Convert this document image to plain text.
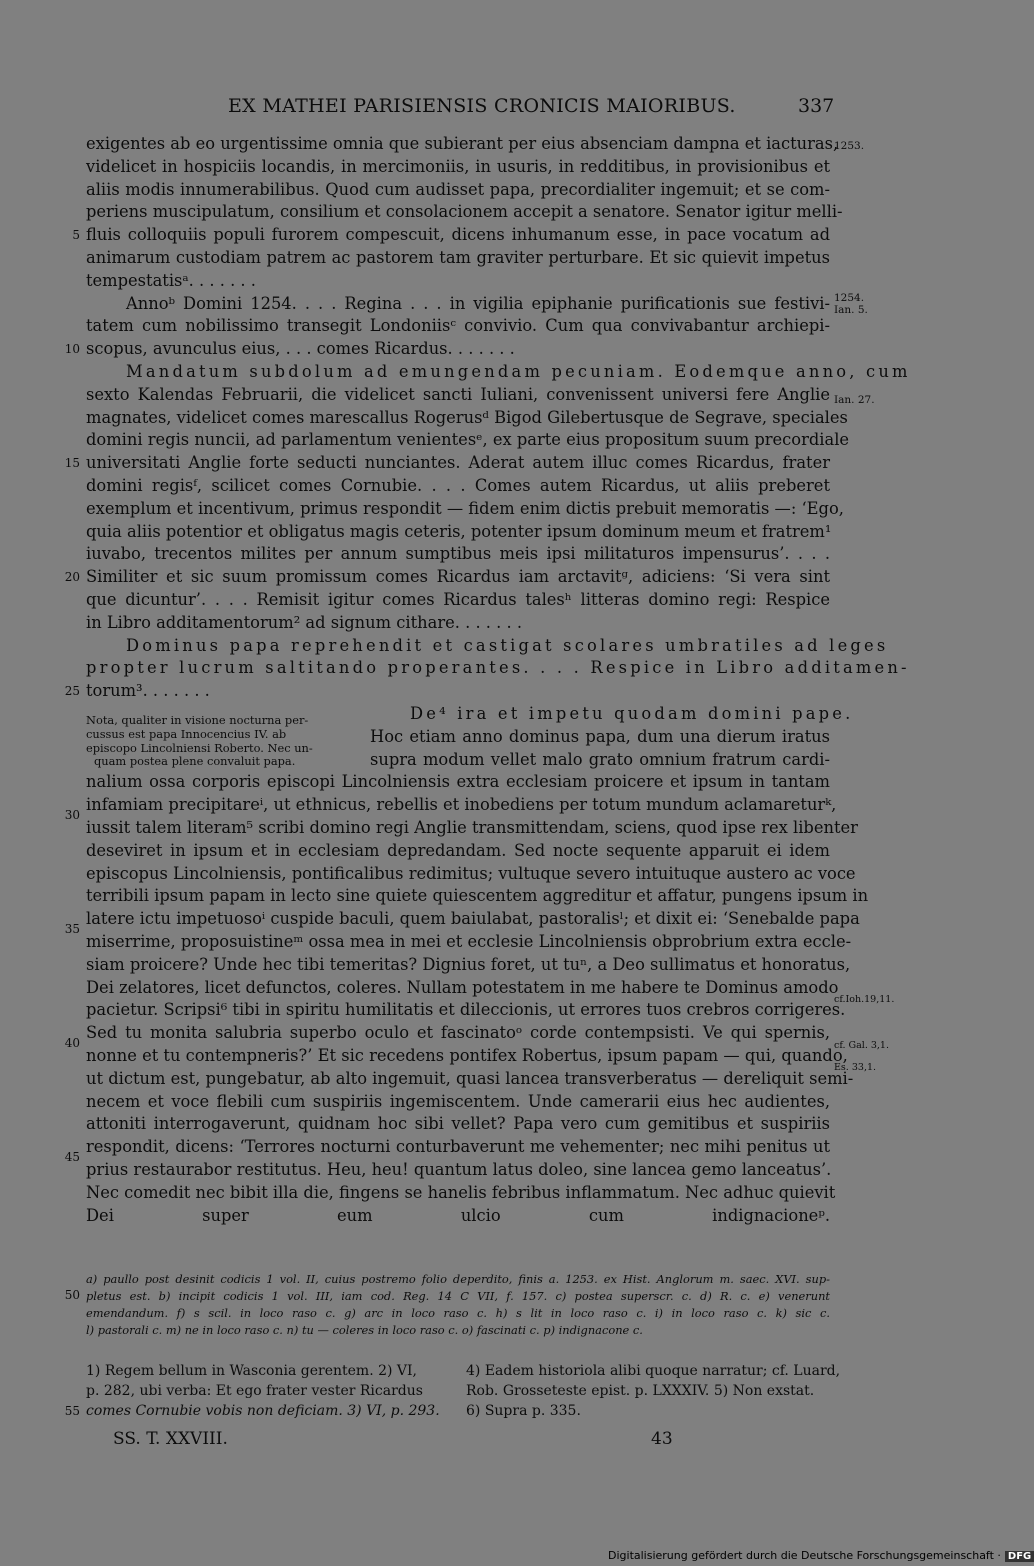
EX MATHEI PARISIENSIS CRONICIS MAIORIBUS.	337
exigentes ab eo urgentissime omnia que subierant per eius absenciam dampna et iacturas,
videlicet in hospiciis locandis, in mercimoniis, in usuris, in redditibus, in provisionibus et
aliis modis innumerabilibus. Quod cum audisset papa, precordialiter ingemuit; et se com-
periens muscipulatum, consilium et consolacionem accepit a senatore. Senator igitur melli-
fluis colloquiis populi furorem compescuit, dicens inhumanum esse, in pace vocatum ad
animarum custodiam patrem ac pastorem tam graviter perturbare. Et sic quievit impetus
tempestatisᵃ. . . . . . .
Annoᵇ Domini 1254. . . . Regina . . . in vigilia epiphanie purificationis sue festivi-
tatem cum nobilissimo transegit Londoniisᶜ convivio. Cum qua convivabantur archiepi-
scopus, avunculus eius, . . . comes Ricardus. . . . . . .
Mandatum subdolum ad emungendam pecuniam. Eodemque anno, cum
sexto Kalendas Februarii, die videlicet sancti Iuliani, convenissent universi fere Anglie
magnates, videlicet comes marescallus Rogerusᵈ Bigod Gilebertusque de Segrave, speciales
domini regis nuncii, ad parlamentum venientesᵉ, ex parte eius propositum suum precordiale
universitati Anglie forte seducti nunciantes. Aderat autem illuc comes Ricardus, frater
domini regisᶠ, scilicet comes Cornubie. . . . Comes autem Ricardus, ut aliis preberet
exemplum et incentivum, primus respondit — fidem enim dictis prebuit memoratis —: ‘Ego,
quia aliis potentior et obligatus magis ceteris, potenter ipsum dominum meum et fratrem¹
iuvabo, trecentos milites per annum sumptibus meis ipsi militaturos impensurus’. . . .
Similiter et sic suum promissum comes Ricardus iam arctavitᵍ, adiciens: ‘Si vera sint
que dicuntur’. . . . Remisit igitur comes Ricardus talesʰ litteras domino regi: Respice
in Libro additamentorum² ad signum cithare. . . . . . .
Dominus papa reprehendit et castigat scolares umbratiles ad leges
propter lucrum saltitando properantes. . . . Respice in Libro additamen-
torum³. . . . . . .
De⁴ ira et impetu quodam domini pape.
Hoc etiam anno dominus papa, dum una dierum iratus
supra modum vellet malo grato omnium fratrum cardi-
nalium ossa corporis episcopi Lincolniensis extra ecclesiam proicere et ipsum in tantam
infamiam precipitareⁱ, ut ethnicus, rebellis et inobediens per totum mundum aclamareturᵏ,
iussit talem literam⁵ scribi domino regi Anglie transmittendam, sciens, quod ipse rex libenter
deseviret in ipsum et in ecclesiam depredandam. Sed nocte sequente apparuit ei idem
episcopus Lincolniensis, pontificalibus redimitus; vultuque severo intuituque austero ac voce
terribili ipsum papam in lecto sine quiete quiescentem aggreditur et affatur, pungens ipsum in
latere ictu impetuosoⁱ cuspide baculi, quem baiulabat, pastoralisˡ; et dixit ei: ‘Senebalde papa
miserrime, proposuistineᵐ ossa mea in mei et ecclesie Lincolniensis obprobrium extra eccle-
siam proicere? Unde hec tibi temeritas? Dignius foret, ut tuⁿ, a Deo sullimatus et honoratus,
Dei zelatores, licet defunctos, coleres. Nullam potestatem in me habere te Dominus amodo
pacietur. Scripsi⁶ tibi in spiritu humilitatis et dileccionis, ut errores tuos crebros corrigeres.
Sed tu monita salubria superbo oculo et fascinatoᵒ corde contempsisti. Ve qui spernis,
nonne et tu contempneris?’ Et sic recedens pontifex Robertus, ipsum papam — qui, quando,
ut dictum est, pungebatur, ab alto ingemuit, quasi lancea transverberatus — dereliquit semi-
necem et voce flebili cum suspiriis ingemiscentem. Unde camerarii eius hec audientes,
attoniti interrogaverunt, quidnam hoc sibi vellet? Papa vero cum gemitibus et suspiriis
respondit, dicens: ‘Terrores nocturni conturbaverunt me vehementer; nec mihi penitus ut
prius restaurabor restitutus. Heu, heu! quantum latus doleo, sine lancea gemo lanceatus’.
Nec comedit nec bibit illa die, fingens se hanelis febribus inflammatum. Nec adhuc quievit
Dei super eum ulcio cum indignacioneᵖ.
5
10
15
20
25
30
35
40
45
1253.
1254.
Ian. 5.
Ian. 27.
cf.Ioh.19,11.
cf. Gal. 3,1.
Es. 33,1.
Nota, qualiter in visione nocturna per-
cussus est papa Innocencius IV. ab
episcopo Lincolniensi Roberto. Nec un-
quam postea plene convaluit papa.
a) paullo post desinit codicis 1 vol. II, cuius postremo folio deperdito, finis a. 1253. ex Hist. Anglorum m. saec. XVI. sup-
pletus est. b) incipit codicis 1 vol. III, iam cod. Reg. 14 C VII, f. 157. c) postea superscr. c. d) R. c. e) venerunt
emendandum. f) s scil. in loco raso c. g) arc in loco raso c. h) s lit in loco raso c. i) in loco raso c. k) sic c.
l) pastorali c. m) ne in loco raso c. n) tu — coleres in loco raso c. o) fascinati c. p) indignacone c.
50
1) Regem bellum in Wasconia gerentem. 2) VI,
p. 282, ubi verba: Et ego frater vester Ricardus
comes Cornubie vobis non deficiam. 3) VI, p. 293.
4) Eadem historiola alibi quoque narratur; cf. Luard,
Rob. Grosseteste epist. p. LXXXIV. 5) Non exstat.
6) Supra p. 335.
55
SS. T. XXVIII.	43
Digitalisierung gefördert durch die Deutsche Forschungsgemeinschaft · DFG
